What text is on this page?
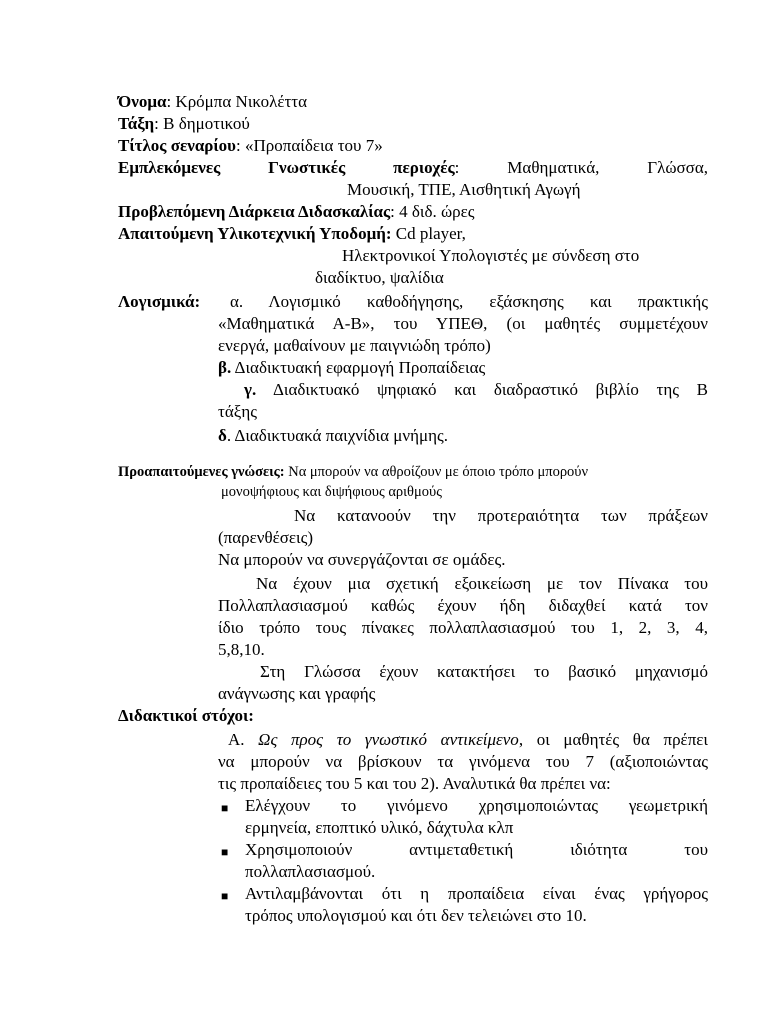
Όνομα: Κρόμπα Νικολέττα
Τάξη: Β δημοτικού
Τίτλος σεναρίου: «Προπαίδεια του 7»
Εμπλεκόμενες Γνωστικές περιοχές: Μαθηματικά, Γλώσσα,
Μουσική, ΤΠΕ, Αισθητική Αγωγή
Προβλεπόμενη Διάρκεια Διδασκαλίας: 4 διδ. ώρες
Απαιτούμενη Υλικοτεχνική Υποδομή: Cd player,
Ηλεκτρονικοί Υπολογιστές με σύνδεση στο
διαδίκτυο, ψαλίδια
Λογισμικά: α. Λογισμικό καθοδήγησης, εξάσκησης και πρακτικής
«Μαθηματικά Α-Β», του ΥΠΕΘ, (οι μαθητές συμμετέχουν
ενεργά, μαθαίνουν με παιγνιώδη τρόπο)
β. Διαδικτυακή εφαρμογή Προπαίδειας
γ. Διαδικτυακό ψηφιακό και διαδραστικό βιβλίο της Β
τάξης
δ. Διαδικτυακά παιχνίδια μνήμης.
Προαπαιτούμενες γνώσεις: Να μπορούν να αθροίζουν με όποιο τρόπο μπορούν
μονοψήφιους και διψήφιους αριθμούς
Να κατανοούν την προτεραιότητα των πράξεων
(παρενθέσεις)
Να μπορούν να συνεργάζονται σε ομάδες.
Να έχουν μια σχετική εξοικείωση με τον Πίνακα του
Πολλαπλασιασμού καθώς έχουν ήδη διδαχθεί κατά τον
ίδιο τρόπο τους πίνακες πολλαπλασιασμού του 1, 2, 3, 4,
5,8,10.
Στη Γλώσσα έχουν κατακτήσει το βασικό μηχανισμό
ανάγνωσης και γραφής
Διδακτικοί στόχοι:
Α. Ως προς το γνωστικό αντικείμενο, οι μαθητές θα πρέπει
να μπορούν να βρίσκουν τα γινόμενα του 7 (αξιοποιώντας
τις προπαίδειες του 5 και του 2). Αναλυτικά θα πρέπει να:
■ Ελέγχουν το γινόμενο χρησιμοποιώντας γεωμετρική
ερμηνεία, εποπτικό υλικό, δάχτυλα κλπ
■ Χρησιμοποιούν αντιμεταθετική ιδιότητα του
πολλαπλασιασμού.
■ Αντιλαμβάνονται ότι η προπαίδεια είναι ένας γρήγορος
τρόπος υπολογισμού και ότι δεν τελειώνει στο 10.
